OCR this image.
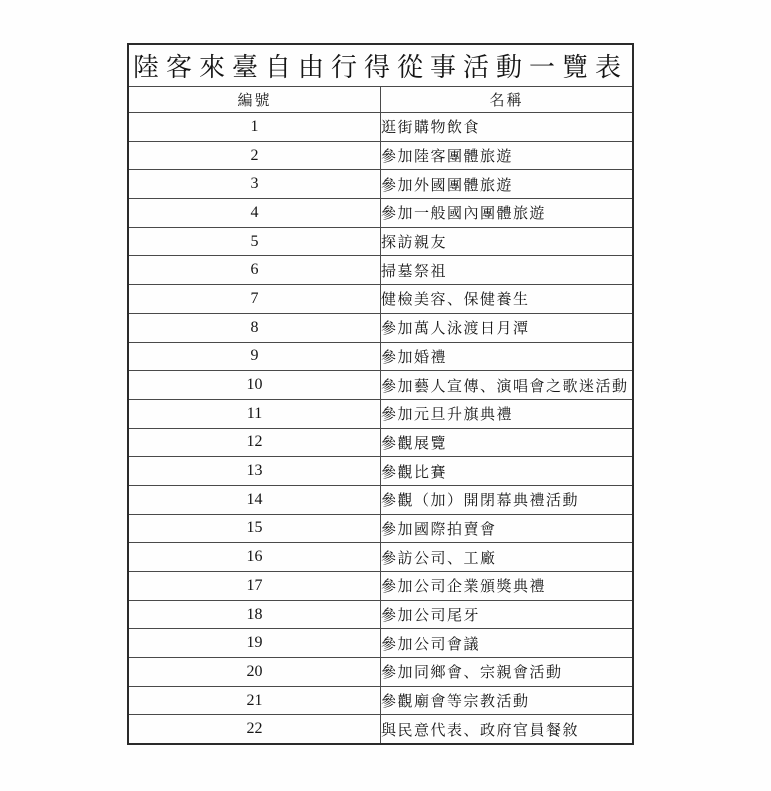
陸客來臺自由行得從事活動一覽表	
編號	名稱
1	逛街購物飲食
2	參加陸客團體旅遊
3	參加外國團體旅遊
4	參加一般國內團體旅遊
5	探訪親友
6	掃墓祭祖
7	健檢美容、保健養生
8	參加萬人泳渡日月潭
9	參加婚禮
10	參加藝人宣傳、演唱會之歌迷活動
11	參加元旦升旗典禮
12	參觀展覽
13	參觀比賽
14	參觀（加）開閉幕典禮活動
15	參加國際拍賣會
16	參訪公司、工廠
17	參加公司企業頒獎典禮
18	參加公司尾牙
19	參加公司會議
20	參加同鄉會、宗親會活動
21	參觀廟會等宗教活動
22	與民意代表、政府官員餐敘
